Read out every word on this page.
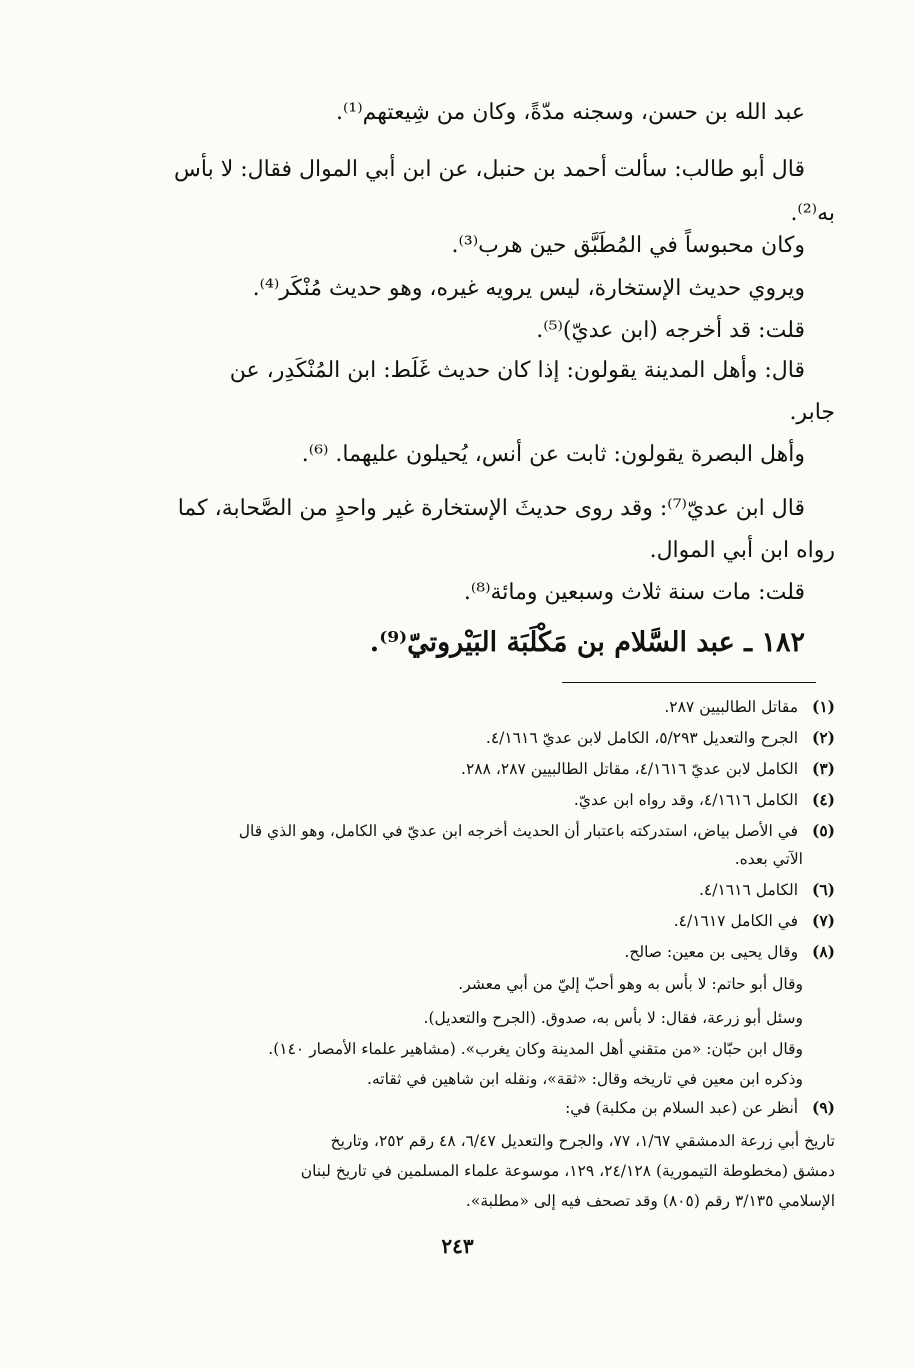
عبد الله بن حسن، وسجنه مدّةً، وكان من شِيعتهم⁽¹⁾.
قال أبو طالب: سألت أحمد بن حنبل، عن ابن أبي الموال فقال: لا بأس
به⁽²⁾.
وكان محبوساً في المُطَبَّق حين هرب⁽³⁾.
ويروي حديث الإستخارة، ليس يرويه غيره، وهو حديث مُنْكَر⁽⁴⁾.
قلت: قد أخرجه (ابن عديّ)⁽⁵⁾.
قال: وأهل المدينة يقولون: إذا كان حديث غَلَط: ابن المُنْكَدِر، عن
جابر.
وأهل البصرة يقولون: ثابت عن أنس، يُحيلون عليهما. ⁽⁶⁾.
قال ابن عديّ⁽⁷⁾: وقد روى حديثَ الإستخارة غير واحدٍ من الصَّحابة، كما
رواه ابن أبي الموال.
قلت: مات سنة ثلاث وسبعين ومائة⁽⁸⁾.
١٨٢ ـ عبد السَّلام بن مَكْلَبَة البَيْروتيّ⁽⁹⁾.
(١) مقاتل الطالبيين ٢٨٧.
(٢) الجرح والتعديل ٥/٢٩٣، الكامل لابن عديّ ٤/١٦١٦.
(٣) الكامل لابن عديّ ٤/١٦١٦، مقاتل الطالبيين ٢٨٧، ٢٨٨.
(٤) الكامل ٤/١٦١٦، وقد رواه ابن عديّ.
(٥) في الأصل بياض، استدركته باعتبار أن الحديث أخرجه ابن عديّ في الكامل، وهو الذي قال
الآتي بعده.
(٦) الكامل ٤/١٦١٦.
(٧) في الكامل ٤/١٦١٧.
(٨) وقال يحيى بن معين: صالح.
وقال أبو حاتم: لا بأس به وهو أحبّ إليّ من أبي معشر.
وسئل أبو زرعة، فقال: لا بأس به، صدوق. (الجرح والتعديل).
وقال ابن حبّان: «من متقني أهل المدينة وكان يغرب». (مشاهير علماء الأمصار ١٤٠).
وذكره ابن معين في تاريخه وقال: «ثقة»، ونقله ابن شاهين في ثقاته.
(٩) أنظر عن (عبد السلام بن مكلبة) في:
تاريخ أبي زرعة الدمشقي ١/٦٧، ٧٧، والجرح والتعديل ٦/٤٧، ٤٨ رقم ٢٥٢، وتاريخ
دمشق (مخطوطة التيمورية) ٢٤/١٢٨، ١٢٩، موسوعة علماء المسلمين في تاريخ لبنان
الإسلامي ٣/١٣٥ رقم (٨٠٥) وقد تصحف فيه إلى «مطلبة».
٢٤٣
